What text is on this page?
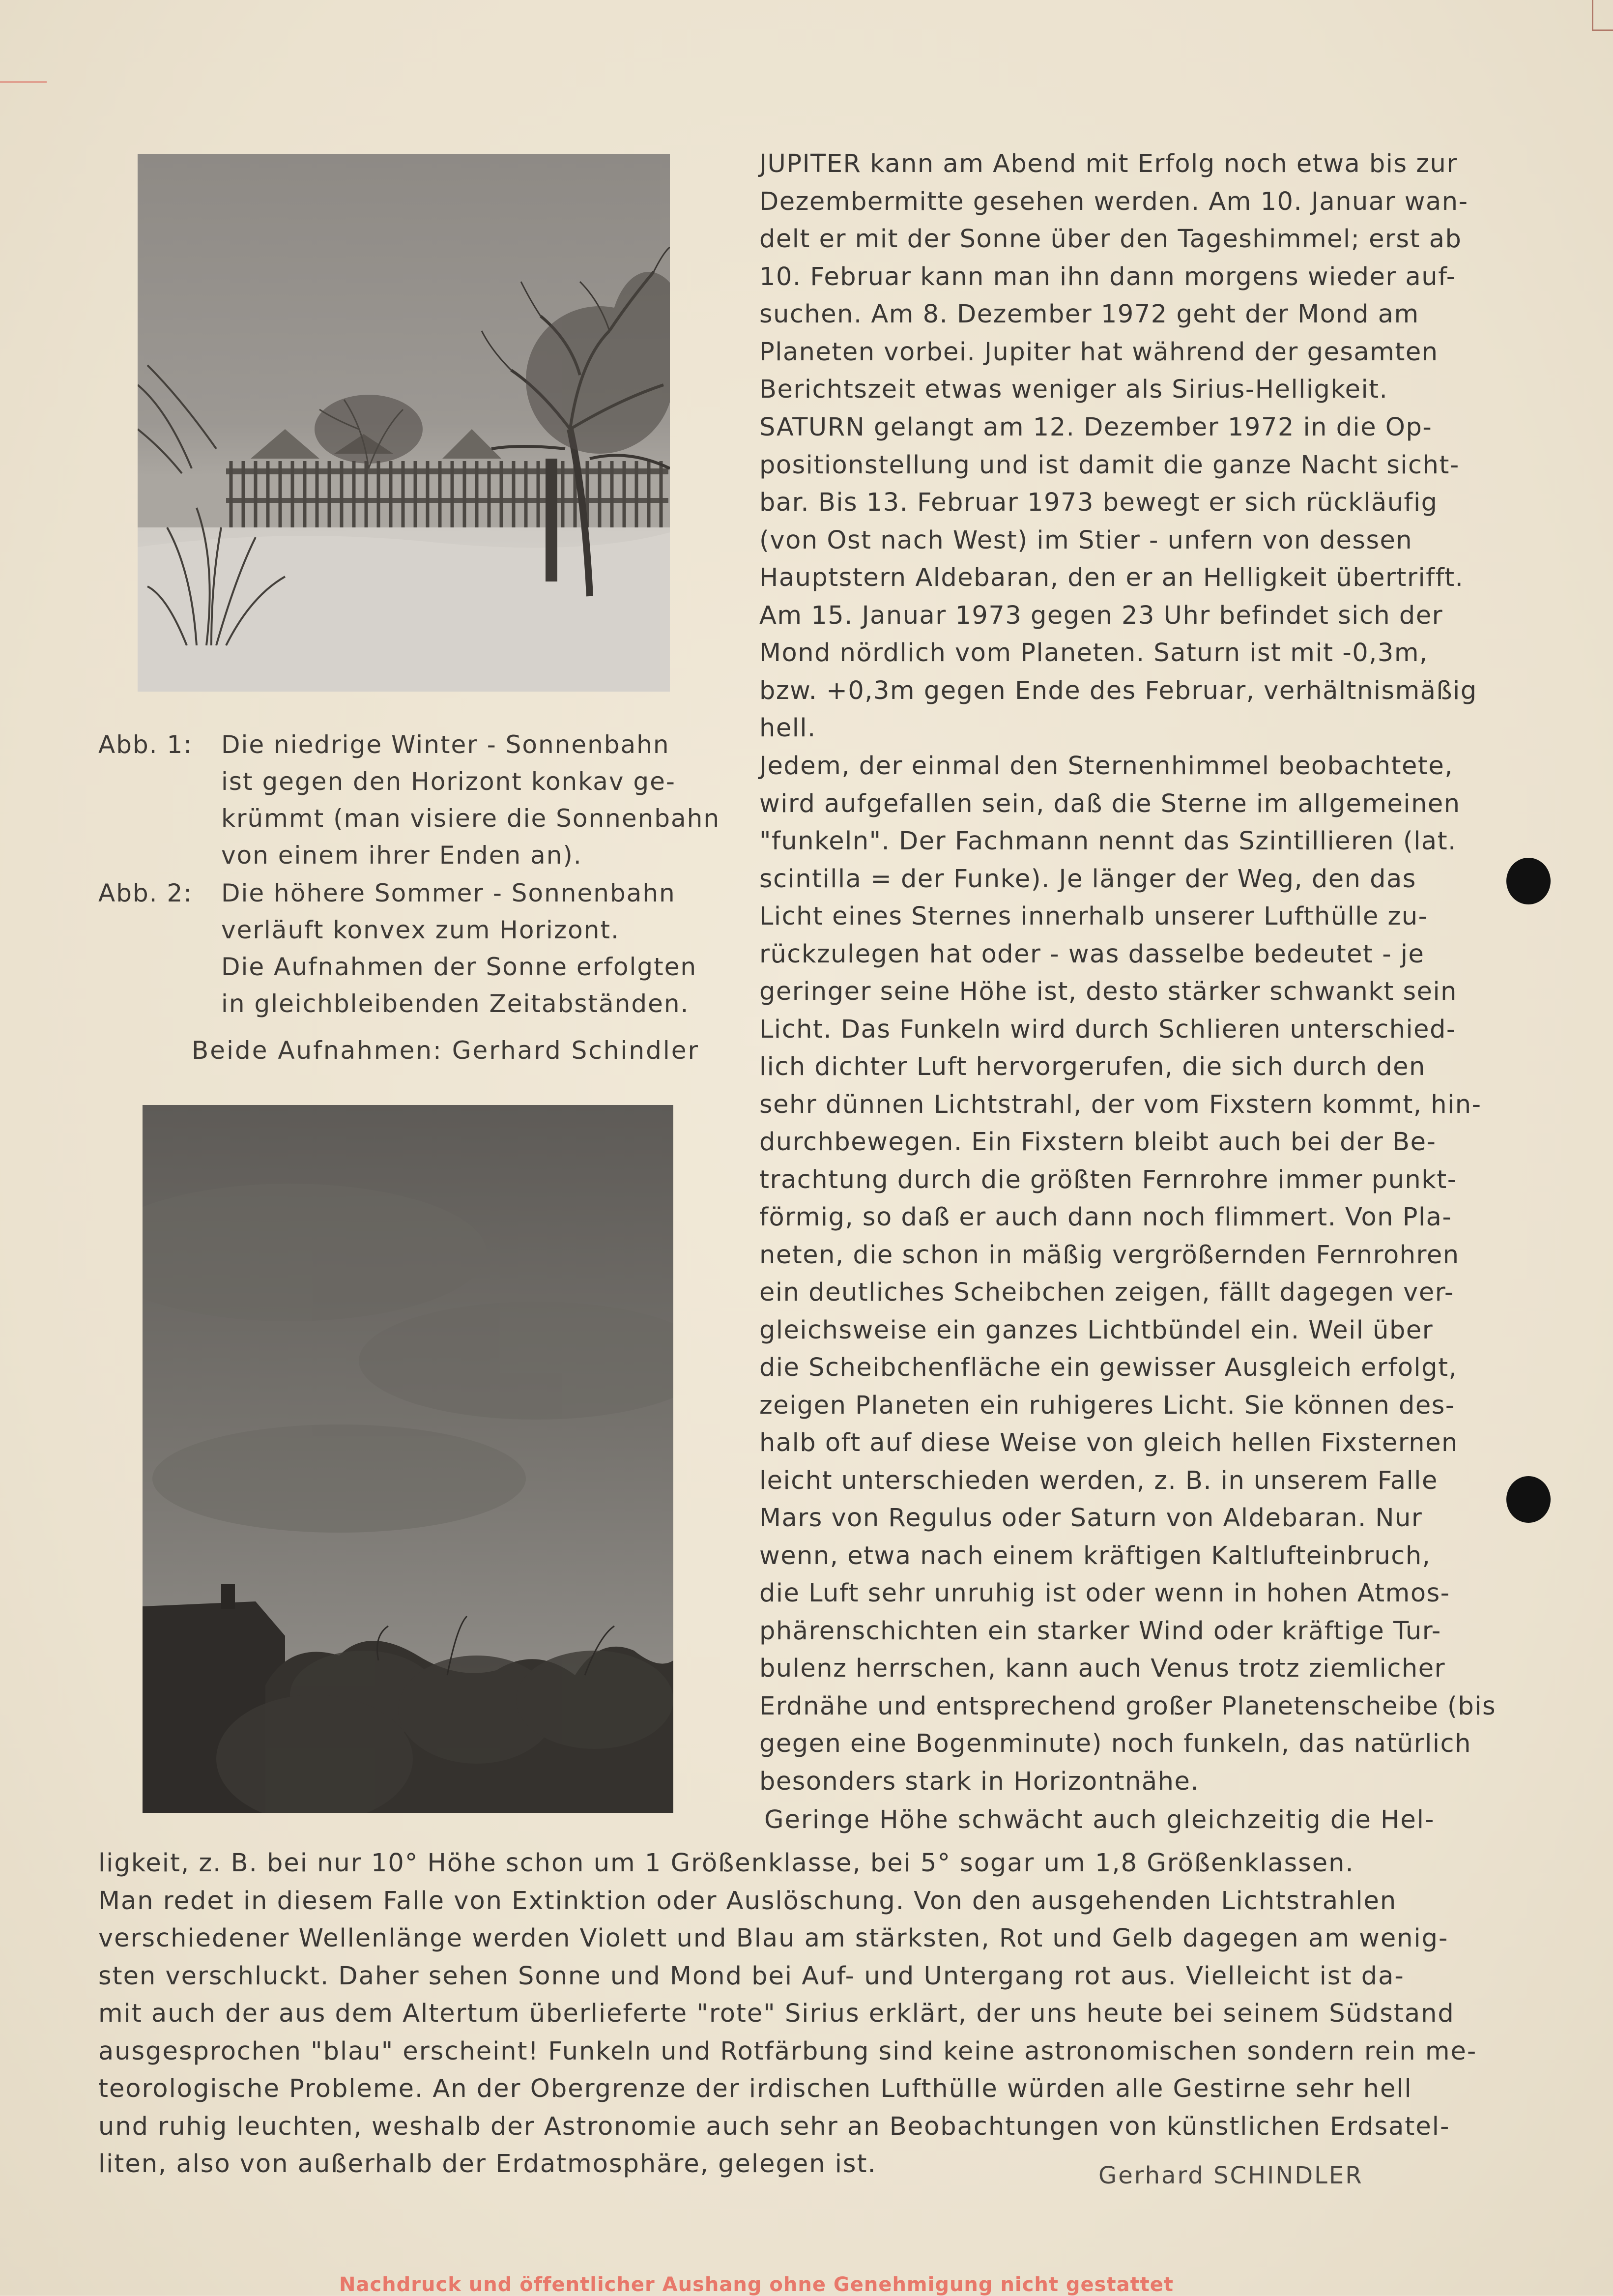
Abb. 1: Die niedrige Winter - Sonnenbahn
ist gegen den Horizont konkav ge-
krümmt (man visiere die Sonnenbahn
von einem ihrer Enden an).
Abb. 2: Die höhere Sommer - Sonnenbahn
verläuft konvex zum Horizont.
Die Aufnahmen der Sonne erfolgten
in gleichbleibenden Zeitabständen.
Beide Aufnahmen: Gerhard Schindler
JUPITER kann am Abend mit Erfolg noch etwa bis zur
Dezembermitte gesehen werden. Am 10. Januar wan-
delt er mit der Sonne über den Tageshimmel; erst ab
10. Februar kann man ihn dann morgens wieder auf-
suchen. Am 8. Dezember 1972 geht der Mond am
Planeten vorbei. Jupiter hat während der gesamten
Berichtszeit etwas weniger als Sirius-Helligkeit.
SATURN gelangt am 12. Dezember 1972 in die Op-
positionstellung und ist damit die ganze Nacht sicht-
bar. Bis 13. Februar 1973 bewegt er sich rückläufig
(von Ost nach West) im Stier - unfern von dessen
Hauptstern Aldebaran, den er an Helligkeit übertrifft.
Am 15. Januar 1973 gegen 23 Uhr befindet sich der
Mond nördlich vom Planeten. Saturn ist mit -0,3m,
bzw. +0,3m gegen Ende des Februar, verhältnismäßig
hell.
Jedem, der einmal den Sternenhimmel beobachtete,
wird aufgefallen sein, daß die Sterne im allgemeinen
"funkeln". Der Fachmann nennt das Szintillieren (lat.
scintilla = der Funke). Je länger der Weg, den das
Licht eines Sternes innerhalb unserer Lufthülle zu-
rückzulegen hat oder - was dasselbe bedeutet - je
geringer seine Höhe ist, desto stärker schwankt sein
Licht. Das Funkeln wird durch Schlieren unterschied-
lich dichter Luft hervorgerufen, die sich durch den
sehr dünnen Lichtstrahl, der vom Fixstern kommt, hin-
durchbewegen. Ein Fixstern bleibt auch bei der Be-
trachtung durch die größten Fernrohre immer punkt-
förmig, so daß er auch dann noch flimmert. Von Pla-
neten, die schon in mäßig vergrößernden Fernrohren
ein deutliches Scheibchen zeigen, fällt dagegen ver-
gleichsweise ein ganzes Lichtbündel ein. Weil über
die Scheibchenfläche ein gewisser Ausgleich erfolgt,
zeigen Planeten ein ruhigeres Licht. Sie können des-
halb oft auf diese Weise von gleich hellen Fixsternen
leicht unterschieden werden, z. B. in unserem Falle
Mars von Regulus oder Saturn von Aldebaran. Nur
wenn, etwa nach einem kräftigen Kaltlufteinbruch,
die Luft sehr unruhig ist oder wenn in hohen Atmos-
phärenschichten ein starker Wind oder kräftige Tur-
bulenz herrschen, kann auch Venus trotz ziemlicher
Erdnähe und entsprechend großer Planetenscheibe (bis
gegen eine Bogenminute) noch funkeln, das natürlich
besonders stark in Horizontnähe.
Geringe Höhe schwächt auch gleichzeitig die Hel-
ligkeit, z. B. bei nur 10° Höhe schon um 1 Größenklasse, bei 5° sogar um 1,8 Größenklassen.
Man redet in diesem Falle von Extinktion oder Auslöschung. Von den ausgehenden Lichtstrahlen
verschiedener Wellenlänge werden Violett und Blau am stärksten, Rot und Gelb dagegen am wenig-
sten verschluckt. Daher sehen Sonne und Mond bei Auf- und Untergang rot aus. Vielleicht ist da-
mit auch der aus dem Altertum überlieferte "rote" Sirius erklärt, der uns heute bei seinem Südstand
ausgesprochen "blau" erscheint! Funkeln und Rotfärbung sind keine astronomischen sondern rein me-
teorologische Probleme. An der Obergrenze der irdischen Lufthülle würden alle Gestirne sehr hell
und ruhig leuchten, weshalb der Astronomie auch sehr an Beobachtungen von künstlichen Erdsatel-
liten, also von außerhalb der Erdatmosphäre, gelegen ist.	Gerhard SCHINDLER
Nachdruck und öffentlicher Aushang ohne Genehmigung nicht gestattet
